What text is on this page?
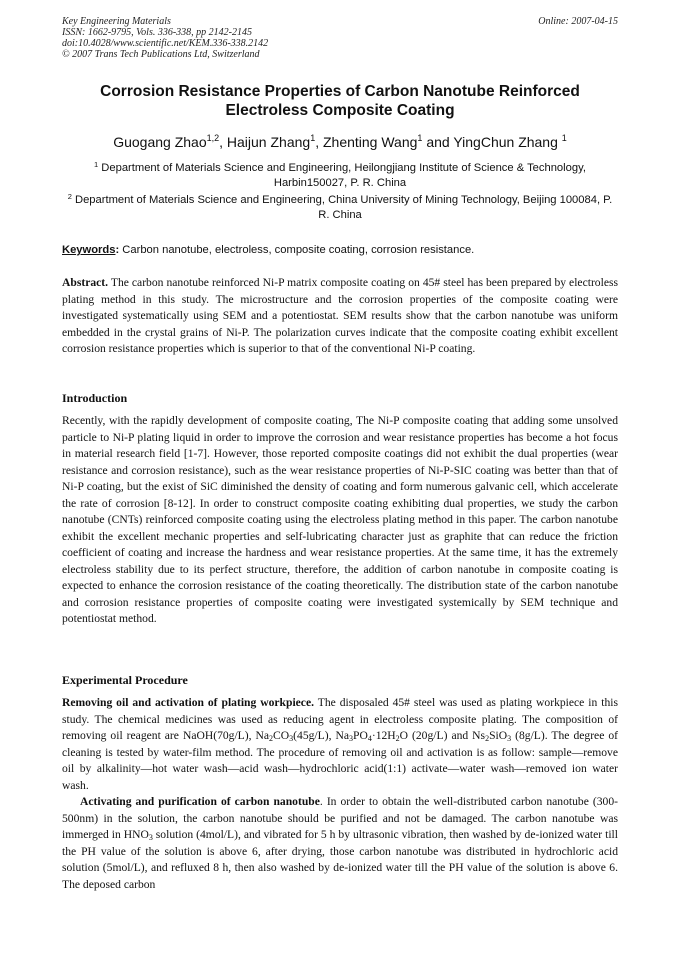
Key Engineering Materials
ISSN: 1662-9795, Vols. 336-338, pp 2142-2145
doi:10.4028/www.scientific.net/KEM.336-338.2142
© 2007 Trans Tech Publications Ltd, Switzerland
Online: 2007-04-15
Corrosion Resistance Properties of Carbon Nanotube Reinforced Electroless Composite Coating
Guogang Zhao$^{1,2}$, Haijun Zhang$^1$, Zhenting Wang$^1$ and YingChun Zhang $^1$
$^1$ Department of Materials Science and Engineering, Heilongjiang Institute of Science & Technology, Harbin150027, P. R. China
$^2$ Department of Materials Science and Engineering, China University of Mining Technology, Beijing 100084, P. R. China
Keywords: Carbon nanotube, electroless, composite coating, corrosion resistance.
Abstract. The carbon nanotube reinforced Ni-P matrix composite coating on 45# steel has been prepared by electroless plating method in this study. The microstructure and the corrosion properties of the composite coating were investigated systematically using SEM and a potentiostat. SEM results show that the carbon nanotube was uniform embedded in the crystal grains of Ni-P. The polarization curves indicate that the composite coating exhibit excellent corrosion resistance properties which is superior to that of the conventional Ni-P coating.
Introduction
Recently, with the rapidly development of composite coating, The Ni-P composite coating that adding some unsolved particle to Ni-P plating liquid in order to improve the corrosion and wear resistance properties has become a hot focus in material research field [1-7]. However, those reported composite coatings did not exhibit the dual properties (wear resistance and corrosion resistance), such as the wear resistance properties of Ni-P-SIC coating was better than that of Ni-P coating, but the exist of SiC diminished the density of coating and form numerous galvanic cell, which accelerate the rate of corrosion [8-12]. In order to construct composite coating exhibiting dual properties, we study the carbon nanotube (CNTs) reinforced composite coating using the electroless plating method in this paper. The carbon nanotube exhibit the excellent mechanic properties and self-lubricating character just as graphite that can reduce the friction coefficient of coating and increase the hardness and wear resistance properties. At the same time, it has the extremely electroless stability due to its perfect structure, therefore, the addition of carbon nanotube in composite coating is expected to enhance the corrosion resistance of the coating theoretically. The distribution state of the carbon nanotube and corrosion resistance properties of composite coating were investigated systemically by SEM technique and potentiostat method.
Experimental Procedure
Removing oil and activation of plating workpiece. The disposaled 45# steel was used as plating workpiece in this study. The chemical medicines was used as reducing agent in electroless composite plating. The composition of removing oil reagent are NaOH(70g/L), $Na_2CO_3(45g/L)$, $Na_3PO_4\cdot 12H_2O$ (20g/L) and $Ns_2SiO_3$ (8g/L). The degree of cleaning is tested by water-film method. The procedure of removing oil and activation is as follow: sample—remove oil by alkalinity—hot water wash—acid wash—hydrochloric acid(1:1) activate—water wash—removed ion water wash.
Activating and purification of carbon nanotube. In order to obtain the well-distributed carbon nanotube (300-500nm) in the solution, the carbon nanotube should be purified and not be damaged. The carbon nanotube was immerged in $HNO_3$ solution (4mol/L), and vibrated for 5 h by ultrasonic vibration, then washed by de-ionized water till the PH value of the solution is above 6, after drying, those carbon nanotube was distributed in hydrochloric acid solution (5mol/L), and refluxed 8 h, then also washed by de-ionized water till the PH value of the solution is above 6. The deposed carbon
